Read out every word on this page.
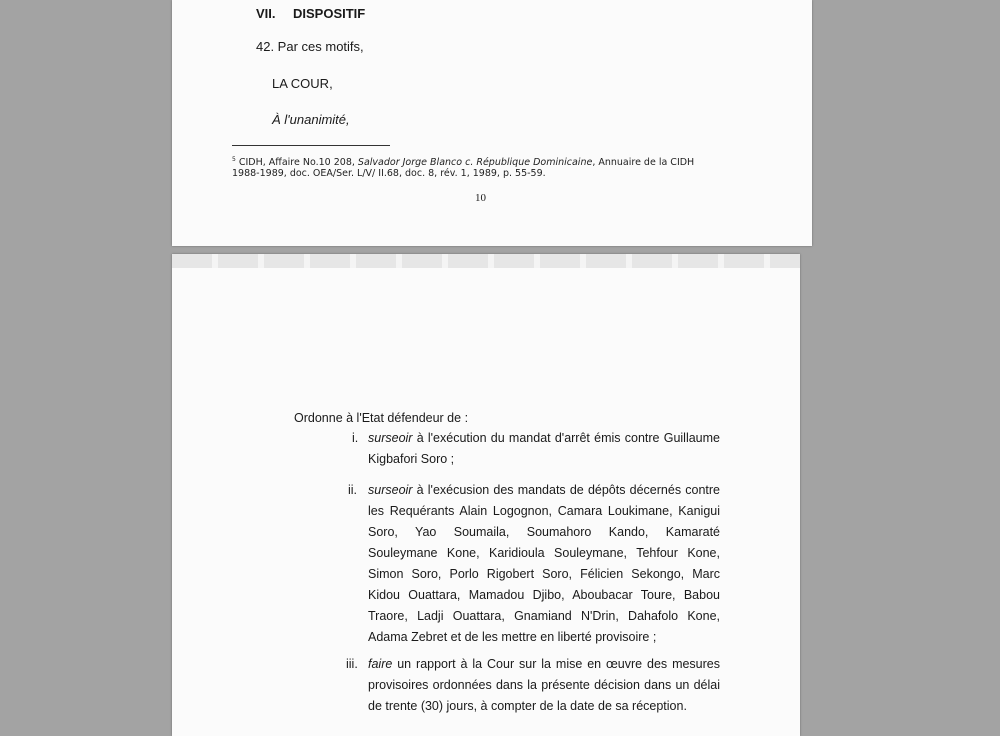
VII. DISPOSITIF
42. Par ces motifs,
LA COUR,
À l'unanimité,
$^5$ CIDH, Affaire No.10 208, Salvador Jorge Blanco c. République Dominicaine, Annuaire de la CIDH
1988-1989, doc. OEA/Ser. L/V/ II.68, doc. 8, rév. 1, 1989, p. 55-59.
10
Ordonne à l'Etat défendeur de :
i. surseoir à l'exécution du mandat d'arrêt émis contre Guillaume Kigbafori Soro ;
ii. surseoir à l'exécusion des mandats de dépôts décernés contre les Requérants Alain Logognon, Camara Loukimane, Kanigui Soro, Yao Soumaila, Soumahoro Kando, Kamaraté Souleymane Kone, Karidioula Souleymane, Tehfour Kone, Simon Soro, Porlo Rigobert Soro, Félicien Sekongo, Marc Kidou Ouattara, Mamadou Djibo, Aboubacar Toure, Babou Traore, Ladji Ouattara, Gnamiand N'Drin, Dahafolo Kone, Adama Zebret et de les mettre en liberté provisoire ;
iii. faire un rapport à la Cour sur la mise en œuvre des mesures provisoires ordonnées dans la présente décision dans un délai de trente (30) jours, à compter de la date de sa réception.
